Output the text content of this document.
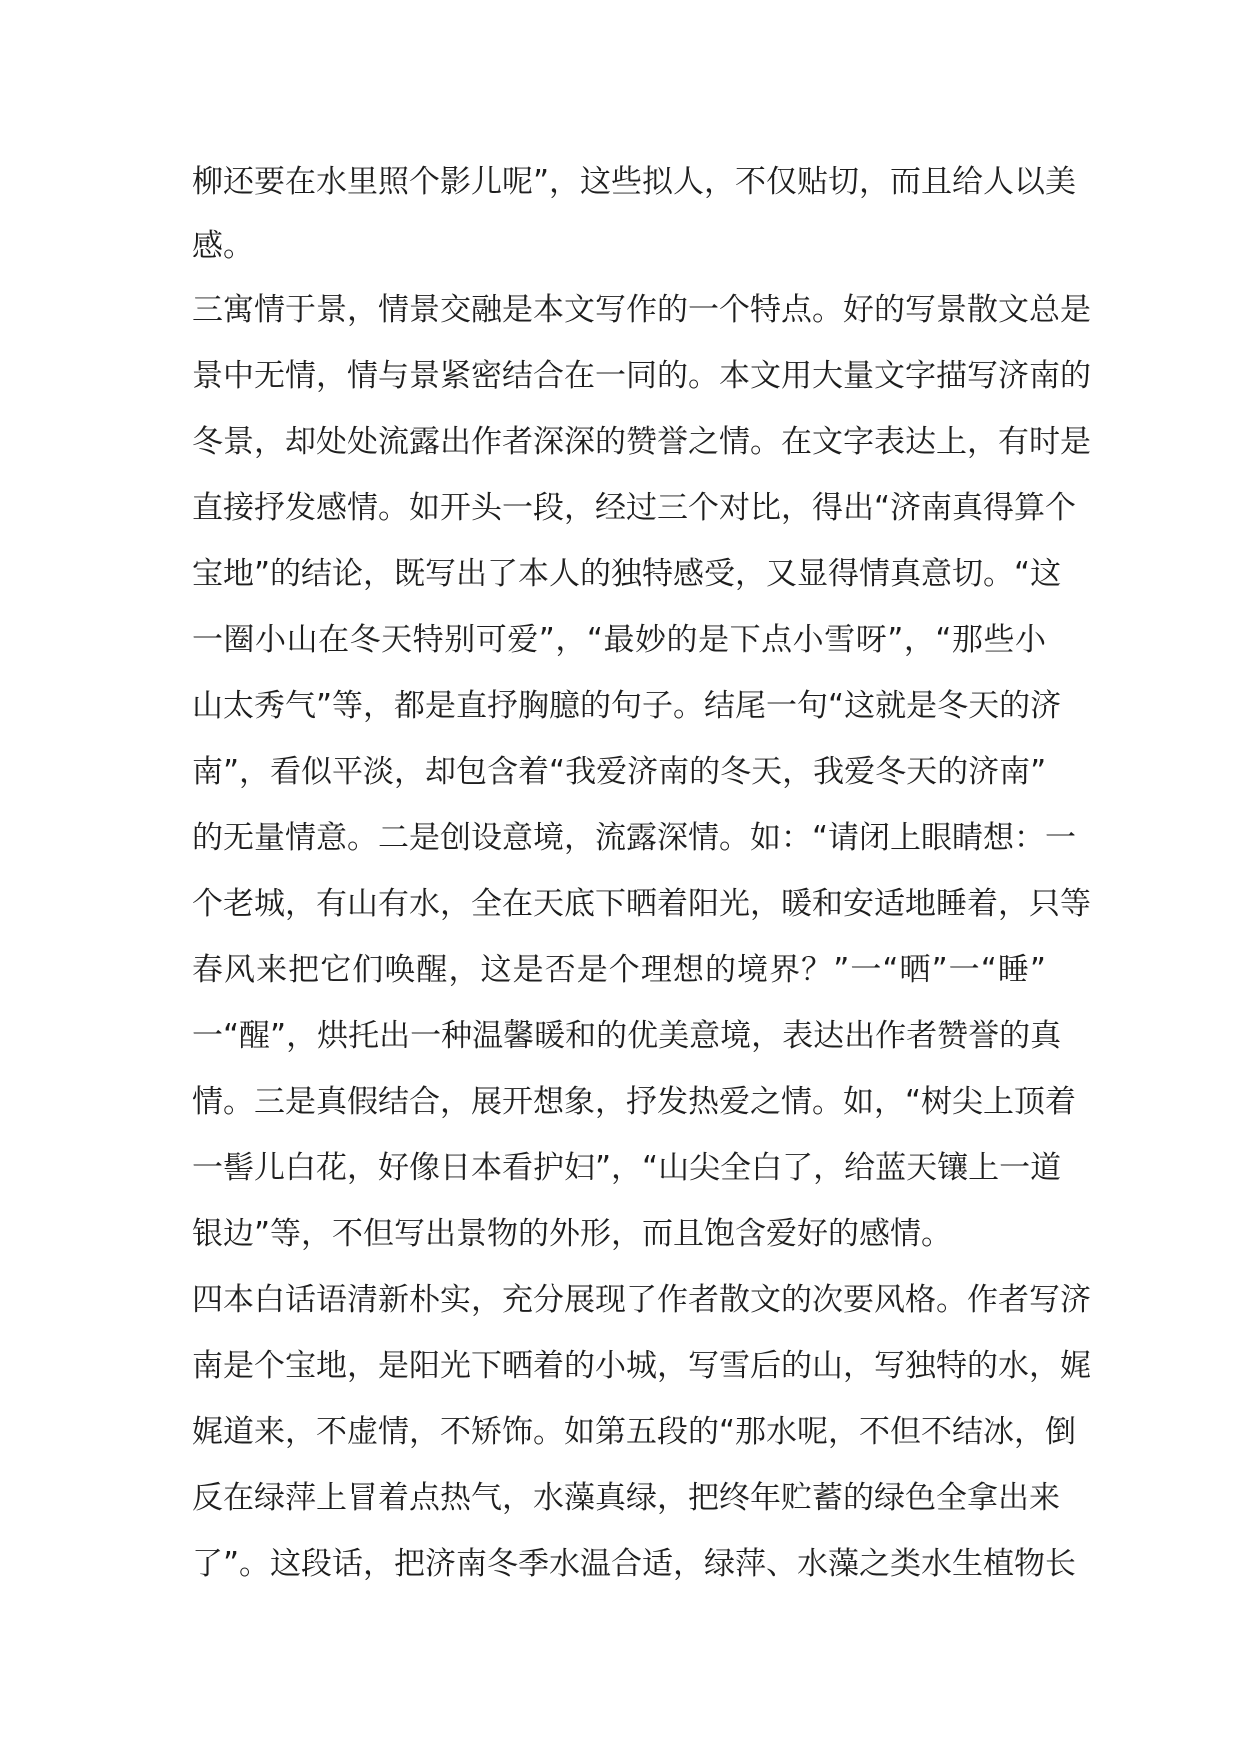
柳还要在水里照个影儿呢”，这些拟人，不仅贴切，而且给人以美
感。
三寓情于景，情景交融是本文写作的一个特点。好的写景散文总是
景中无情，情与景紧密结合在一同的。本文用大量文字描写济南的
冬景，却处处流露出作者深深的赞誉之情。在文字表达上，有时是
直接抒发感情。如开头一段，经过三个对比，得出“济南真得算个
宝地”的结论，既写出了本人的独特感受，又显得情真意切。“这
一圈小山在冬天特别可爱”，“最妙的是下点小雪呀”，“那些小
山太秀气”等，都是直抒胸臆的句子。结尾一句“这就是冬天的济
南”，看似平淡，却包含着“我爱济南的冬天，我爱冬天的济南”
的无量情意。二是创设意境，流露深情。如：“请闭上眼睛想：一
个老城，有山有水，全在天底下晒着阳光，暖和安适地睡着，只等
春风来把它们唤醒，这是否是个理想的境界？”一“晒”一“睡”
一“醒”，烘托出一种温馨暖和的优美意境，表达出作者赞誉的真
情。三是真假结合，展开想象，抒发热爱之情。如，“树尖上顶着
一髻儿白花，好像日本看护妇”，“山尖全白了，给蓝天镶上一道
银边”等，不但写出景物的外形，而且饱含爱好的感情。
四本白话语清新朴实，充分展现了作者散文的次要风格。作者写济
南是个宝地，是阳光下晒着的小城，写雪后的山，写独特的水，娓
娓道来，不虚情，不矫饰。如第五段的“那水呢，不但不结冰，倒
反在绿萍上冒着点热气，水藻真绿，把终年贮蓄的绿色全拿出来
了”。这段话，把济南冬季水温合适，绿萍、水藻之类水生植物长
